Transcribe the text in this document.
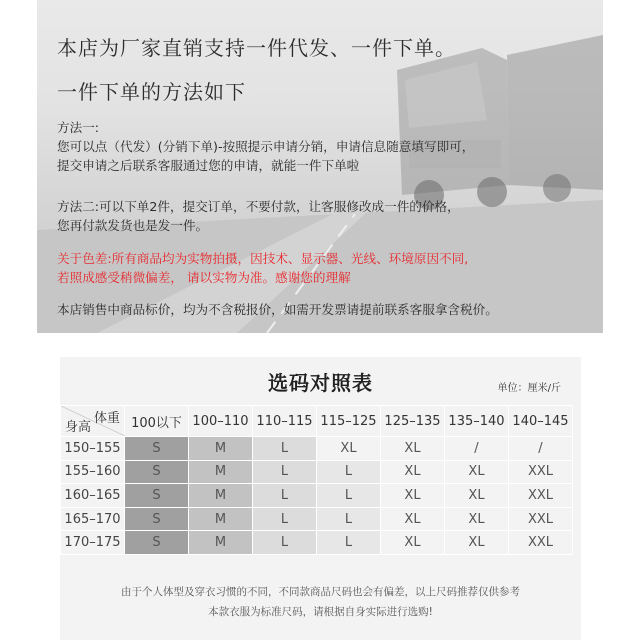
本店为厂家直销支持一件代发、一件下单。
一件下单的方法如下
方法一:
您可以点（代发）(分销下单)-按照提示申请分销，申请信息随意填写即可，
提交申请之后联系客服通过您的申请，就能一件下单啦
方法二:可以下单2件，提交订单，不要付款，让客服修改成一件的价格，
您再付款发货也是发一件。
关于色差:所有商品均为实物拍摄，因技术、显示器、光线、环境原因不同,
若照成感受稍微偏差， 请以实物为准。感谢您的理解
本店销售中商品标价，均为不含税报价，如需开发票请提前联系客服拿含税价。
选码对照表	单位：厘米/斤
体重
身高	100以下	100–110	110–115	115–125	125–135	135–140	140–145
150–155	S	M	L	XL	XL	/	/
155–160	S	M	L	L	XL	XL	XXL
160–165	S	M	L	L	XL	XL	XXL
165–170	S	M	L	L	XL	XL	XXL
170–175	S	M	L	L	XL	XL	XXL
由于个人体型及穿衣习惯的不同，不同款商品尺码也会有偏差，以上尺码推荐仅供参考
本款衣服为标准尺码，请根据自身实际进行选购!
